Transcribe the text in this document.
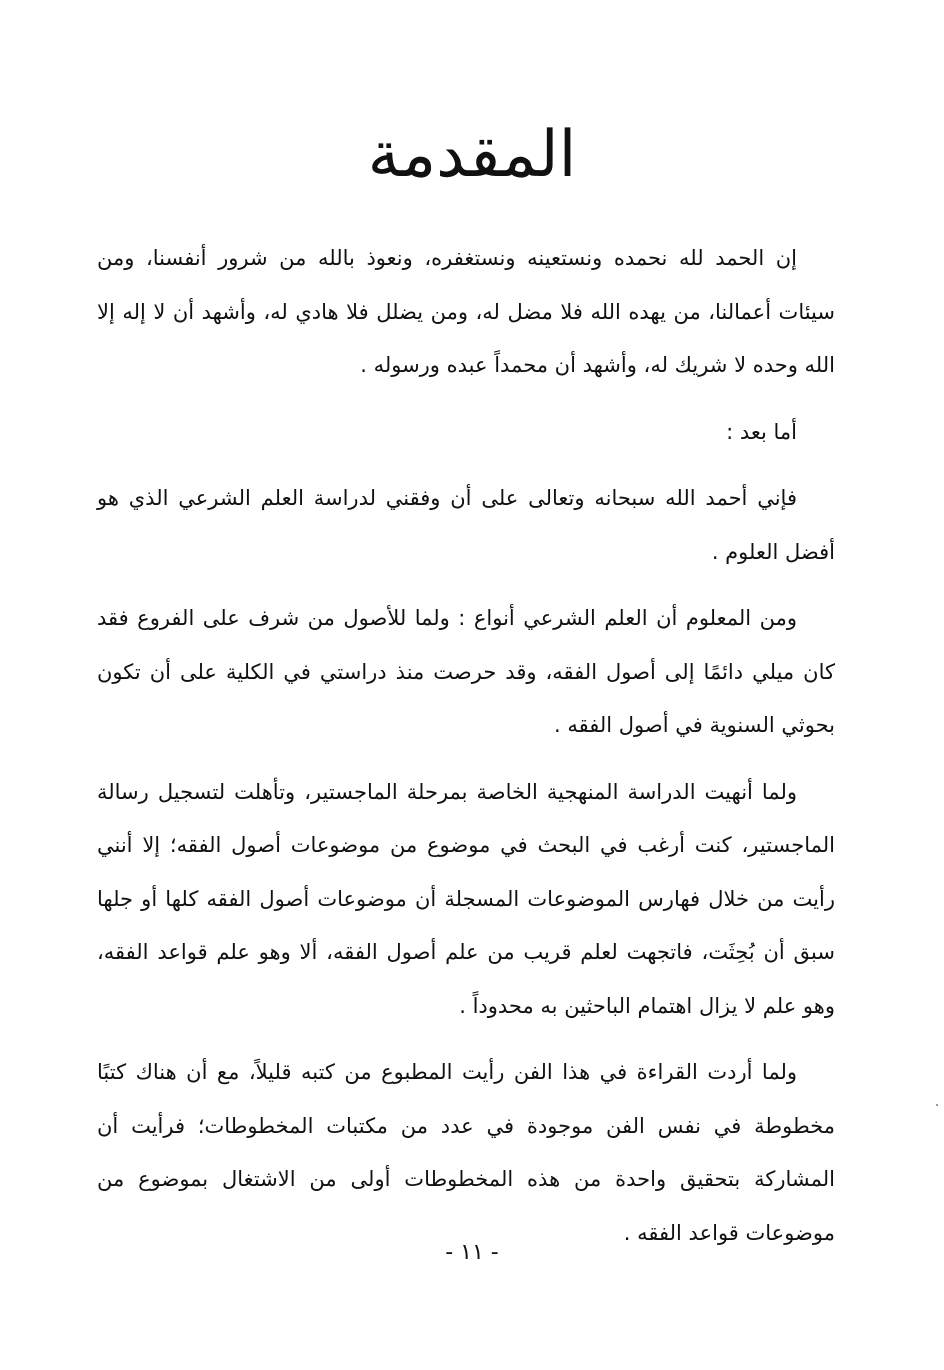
المقدمة

إن الحمد لله نحمده ونستعينه ونستغفره، ونعوذ بالله من شرور أنفسنا، ومن سيئات أعمالنا، من يهده الله فلا مضل له، ومن يضلل فلا هادي له، وأشهد أن لا إله إلا الله وحده لا شريك له، وأشهد أن محمداً عبده ورسوله .

أما بعد :

فإني أحمد الله سبحانه وتعالى على أن وفقني لدراسة العلم الشرعي الذي هو أفضل العلوم .

ومن المعلوم أن العلم الشرعي أنواع : ولما للأصول من شرف على الفروع فقد كان ميلي دائمًا إلى أصول الفقه، وقد حرصت منذ دراستي في الكلية على أن تكون بحوثي السنوية في أصول الفقه .

ولما أنهيت الدراسة المنهجية الخاصة بمرحلة الماجستير، وتأهلت لتسجيل رسالة الماجستير، كنت أرغب في البحث في موضوع من موضوعات أصول الفقه؛ إلا أنني رأيت من خلال فهارس الموضوعات المسجلة أن موضوعات أصول الفقه كلها أو جلها سبق أن بُحِثَت، فاتجهت لعلم قريب من علم أصول الفقه، ألا وهو علم قواعد الفقه، وهو علم لا يزال اهتمام الباحثين به محدوداً .

ولما أردت القراءة في هذا الفن رأيت المطبوع من كتبه قليلاً، مع أن هناك كتبًا مخطوطة في نفس الفن موجودة في عدد من مكتبات المخطوطات؛ فرأيت أن المشاركة بتحقيق واحدة من هذه المخطوطات أولى من الاشتغال بموضوع من موضوعات قواعد الفقه .

- ١١ -
